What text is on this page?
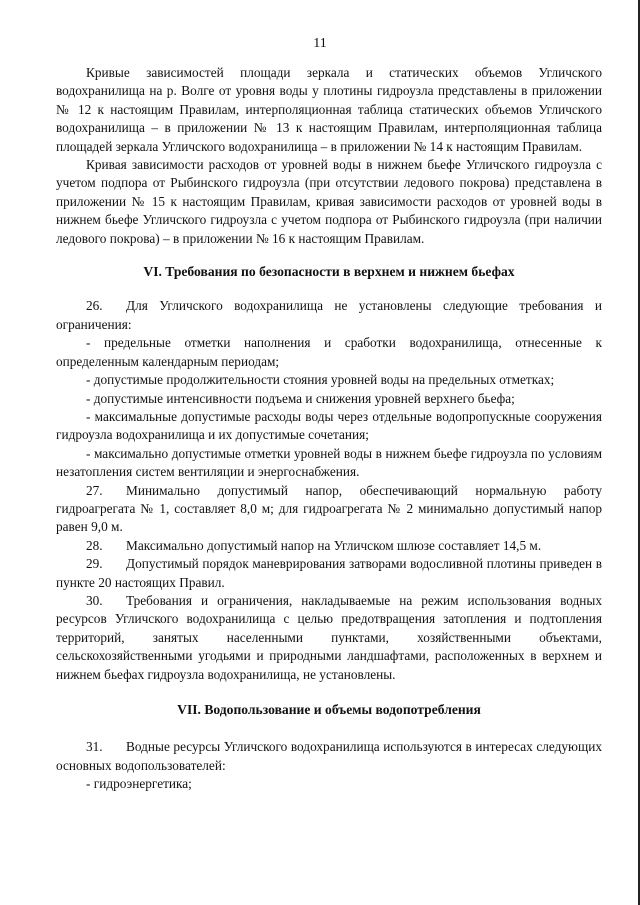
11

Кривые зависимостей площади зеркала и статических объемов Угличского водохранилища на р. Волге от уровня воды у плотины гидроузла представлены в приложении № 12 к настоящим Правилам, интерполяционная таблица статических объемов Угличского водохранилища – в приложении № 13 к настоящим Правилам, интерполяционная таблица площадей зеркала Угличского водохранилища – в приложении № 14 к настоящим Правилам.

Кривая зависимости расходов от уровней воды в нижнем бьефе Угличского гидроузла с учетом подпора от Рыбинского гидроузла (при отсутствии ледового покрова) представлена в приложении № 15 к настоящим Правилам, кривая зависимости расходов от уровней воды в нижнем бьефе Угличского гидроузла с учетом подпора от Рыбинского гидроузла (при наличии ледового покрова) – в приложении № 16 к настоящим Правилам.

VI. Требования по безопасности в верхнем и нижнем бьефах

26. Для Угличского водохранилища не установлены следующие требования и ограничения:

- предельные отметки наполнения и сработки водохранилища, отнесенные к определенным календарным периодам;

- допустимые продолжительности стояния уровней воды на предельных отметках;

- допустимые интенсивности подъема и снижения уровней верхнего бьефа;

- максимальные допустимые расходы воды через отдельные водопропускные сооружения гидроузла водохранилища и их допустимые сочетания;

- максимально допустимые отметки уровней воды в нижнем бьефе гидроузла по условиям незатопления систем вентиляции и энергоснабжения.

27. Минимально допустимый напор, обеспечивающий нормальную работу гидроагрегата № 1, составляет 8,0 м; для гидроагрегата № 2 минимально допустимый напор равен 9,0 м.

28. Максимально допустимый напор на Угличском шлюзе составляет 14,5 м.

29. Допустимый порядок маневрирования затворами водосливной плотины приведен в пункте 20 настоящих Правил.

30. Требования и ограничения, накладываемые на режим использования водных ресурсов Угличского водохранилища с целью предотвращения затопления и подтопления территорий, занятых населенными пунктами, хозяйственными объектами, сельскохозяйственными угодьями и природными ландшафтами, расположенных в верхнем и нижнем бьефах гидроузла водохранилища, не установлены.

VII. Водопользование и объемы водопотребления

31. Водные ресурсы Угличского водохранилища используются в интересах следующих основных водопользователей:

- гидроэнергетика;
